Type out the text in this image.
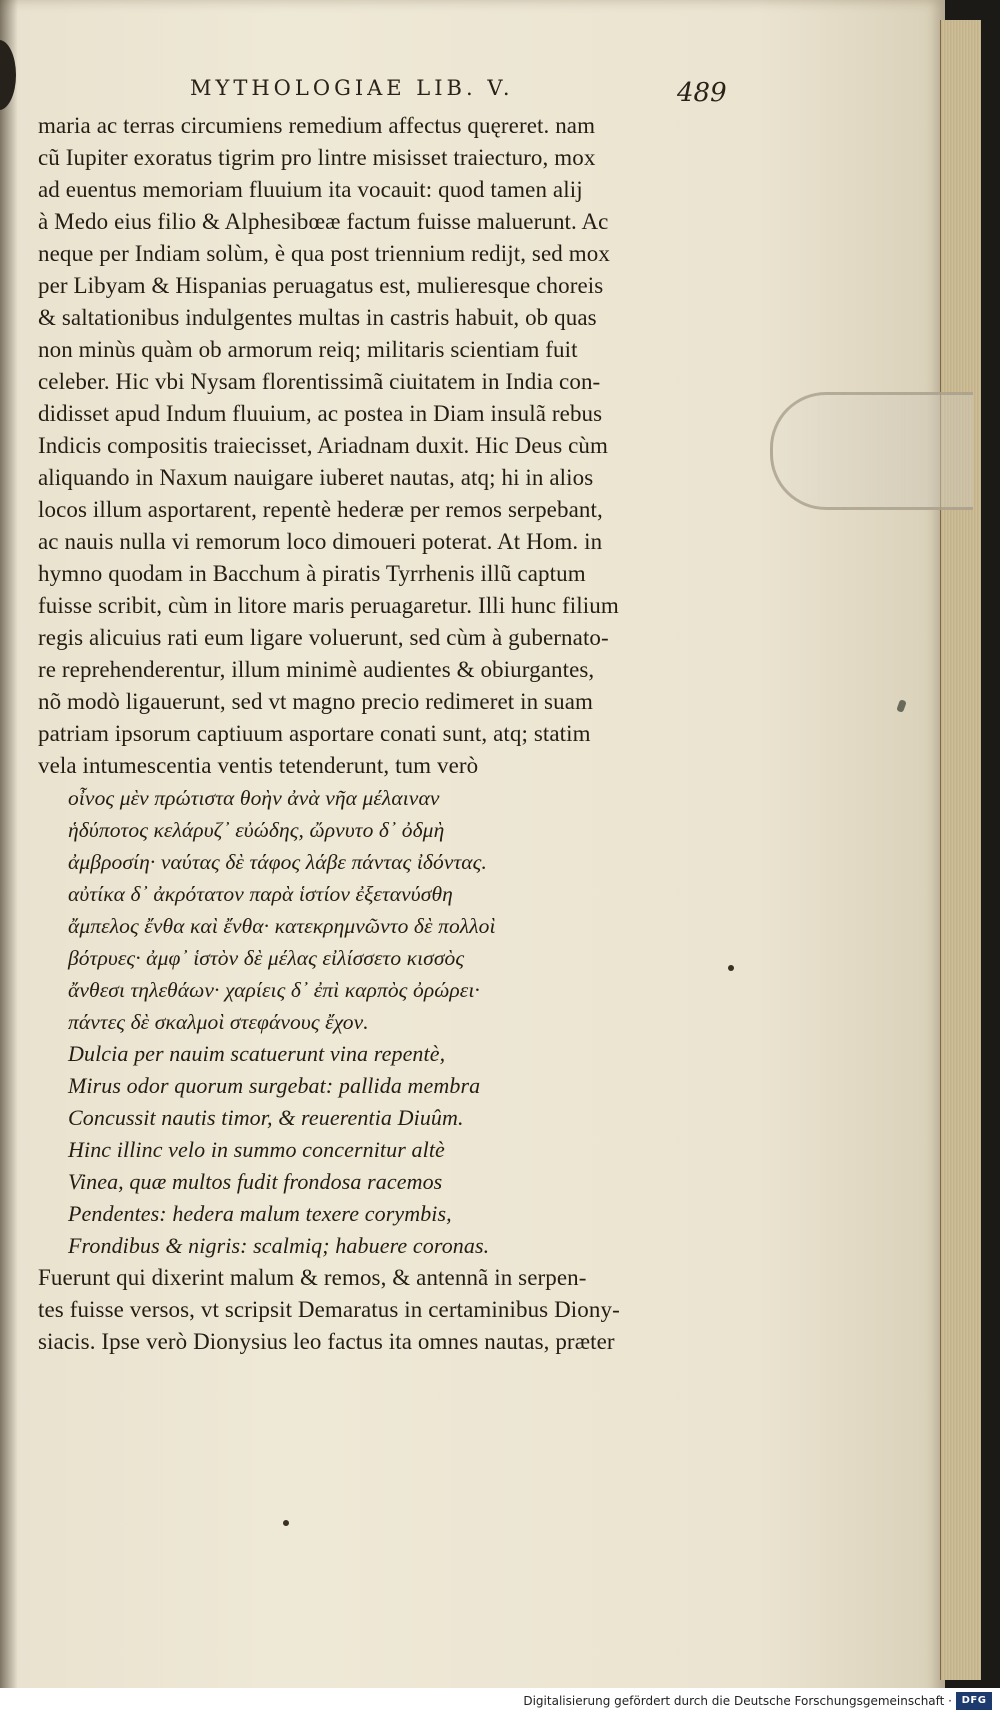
MYTHOLOGIAE LIB. V.	489
maria ac terras circumiens remedium affectus quęreret. nam
cũ Iupiter exoratus tigrim pro lintre misisset traiecturo, mox
ad euentus memoriam fluuium ita vocauit: quod tamen alij
à Medo eius filio & Alphesibœæ factum fuisse maluerunt. Ac
neque per Indiam solùm, è qua post triennium redijt, sed mox
per Libyam & Hispanias peruagatus est, mulieresque choreis
& saltationibus indulgentes multas in castris habuit, ob quas
non minùs quàm ob armorum reiq; militaris scientiam fuit
celeber. Hic vbi Nysam florentissimã ciuitatem in India con-
didisset apud Indum fluuium, ac postea in Diam insulã rebus
Indicis compositis traiecisset, Ariadnam duxit. Hic Deus cùm
aliquando in Naxum nauigare iuberet nautas, atq; hi in alios
locos illum asportarent, repentè hederæ per remos serpebant,
ac nauis nulla vi remorum loco dimoueri poterat. At Hom. in
hymno quodam in Bacchum à piratis Tyrrhenis illũ captum
fuisse scribit, cùm in litore maris peruagaretur. Illi hunc filium
regis alicuius rati eum ligare voluerunt, sed cùm à gubernato-
re reprehenderentur, illum minimè audientes & obiurgantes,
nõ modò ligauerunt, sed vt magno precio redimeret in suam
patriam ipsorum captiuum asportare conati sunt, atq; statim
vela intumescentia ventis tetenderunt, tum verò
οἶνος μὲν πρώτιστα θοὴν ἀνὰ νῆα μέλαιναν
ἡδύποτος κελάρυζ᾽ εὐώδης, ὤρνυτο δ᾽ ὀδμὴ
ἀμβροσίη· ναύτας δὲ τάφος λάβε πάντας ἰδόντας.
αὐτίκα δ᾽ ἀκρότατον παρὰ ἱστίον ἐξετανύσθη
ἄμπελος ἔνθα καὶ ἔνθα· κατεκρημνῶντο δὲ πολλοὶ
βότρυες· ἀμφ᾽ ἱστὸν δὲ μέλας εἰλίσσετο κισσὸς
ἄνθεσι τηλεθάων· χαρίεις δ᾽ ἐπὶ καρπὸς ὀρώρει·
πάντες δὲ σκαλμοὶ στεφάνους ἔχον.
Dulcia per nauim scatuerunt vina repentè,
Mirus odor quorum surgebat: pallida membra
Concussit nautis timor, & reuerentia Diuûm.
Hinc illinc velo in summo concernitur altè
Vinea, quæ multos fudit frondosa racemos
Pendentes: hedera malum texere corymbis,
Frondibus & nigris: scalmiq; habuere coronas.
Fuerunt qui dixerint malum & remos, & antennã in serpen-
tes fuisse versos, vt scripsit Demaratus in certaminibus Diony-
siacis. Ipse verò Dionysius leo factus ita omnes nautas, præter
Digitalisierung gefördert durch die Deutsche Forschungsgemeinschaft · DFG
